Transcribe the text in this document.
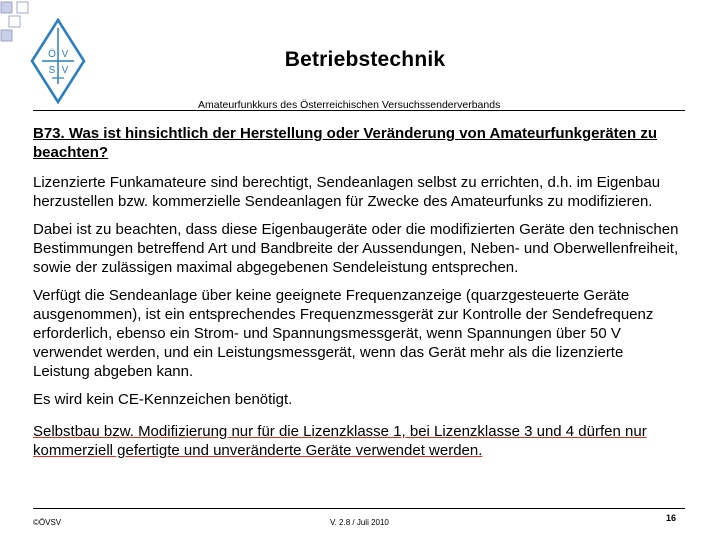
Ö V
S V	Betriebstechnik
Amateurfunkkurs des Österreichischen Versuchssenderverbands

B73. Was ist hinsichtlich der Herstellung oder Veränderung von Amateurfunkgeräten zu beachten?

Lizenzierte Funkamateure sind berechtigt, Sendeanlagen selbst zu errichten, d.h. im Eigenbau herzustellen bzw. kommerzielle Sendeanlagen für Zwecke des Amateurfunks zu modifizieren.

Dabei ist zu beachten, dass diese Eigenbaugeräte oder die modifizierten Geräte den technischen Bestimmungen betreffend Art und Bandbreite der Aussendungen, Neben- und Oberwellenfreiheit, sowie der zulässigen maximal abgegebenen Sendeleistung entsprechen.

Verfügt die Sendeanlage über keine geeignete Frequenzanzeige (quarzgesteuerte Geräte ausgenommen), ist ein entsprechendes Frequenzmessgerät zur Kontrolle der Sendefrequenz erforderlich, ebenso ein Strom- und Spannungsmessgerät, wenn Spannungen über 50 V verwendet werden, und ein Leistungsmessgerät, wenn das Gerät mehr als die lizenzierte Leistung abgeben kann.

Es wird kein CE-Kennzeichen benötigt.

Selbstbau bzw. Modifizierung nur für die Lizenzklasse 1, bei Lizenzklasse 3 und 4 dürfen nur kommerziell gefertigte und unveränderte Geräte verwendet werden.

©ÖVSV	V. 2.8 / Juli 2010	16
